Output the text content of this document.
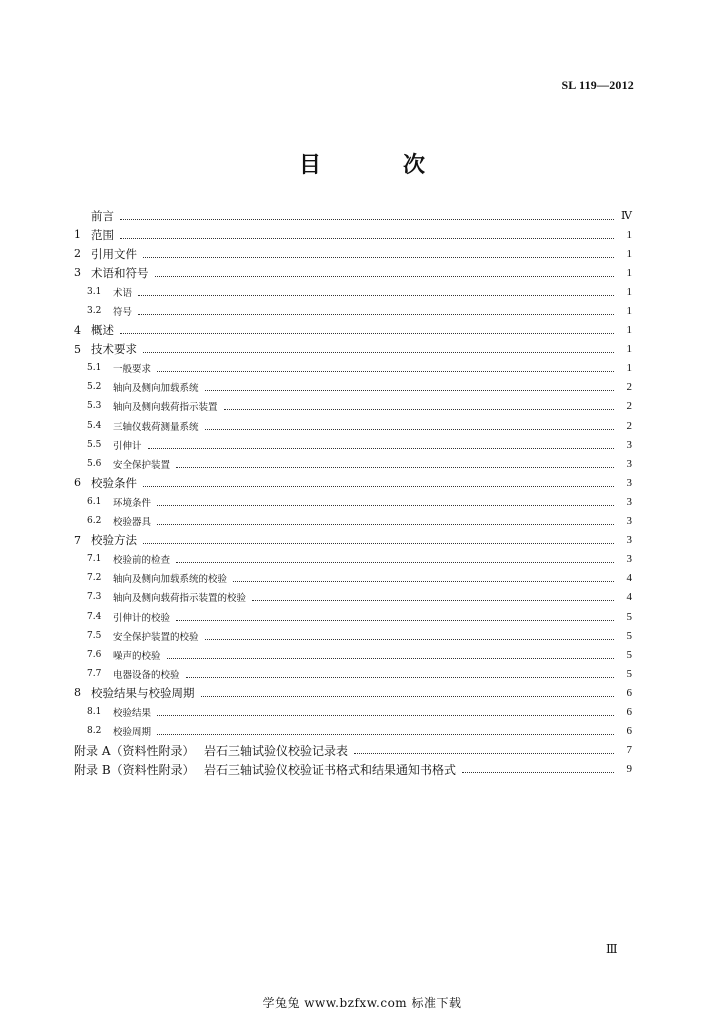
SL 119—2012
目　次
前言	Ⅳ
1 范围	1
2 引用文件	1
3 术语和符号	1
3.1	术语	1
3.2	符号	1
4 概述	1
5 技术要求	1
5.1	一般要求	1
5.2	轴向及侧向加载系统	2
5.3	轴向及侧向载荷指示装置	2
5.4	三轴仪载荷测量系统	2
5.5	引伸计	3
5.6	安全保护装置	3
6 校验条件	3
6.1	环境条件	3
6.2	校验器具	3
7 校验方法	3
7.1	校验前的检查	3
7.2	轴向及侧向加载系统的校验	4
7.3	轴向及侧向载荷指示装置的校验	4
7.4	引伸计的校验	5
7.5	安全保护装置的校验	5
7.6	噪声的校验	5
7.7	电器设备的校验	5
8 校验结果与校验周期	6
8.1	校验结果	6
8.2	校验周期	6
附录 A（资料性附录） 岩石三轴试验仪校验记录表	7
附录 B（资料性附录） 岩石三轴试验仪校验证书格式和结果通知书格式	9
Ⅲ
学兔兔 www.bzfxw.com 标准下载
